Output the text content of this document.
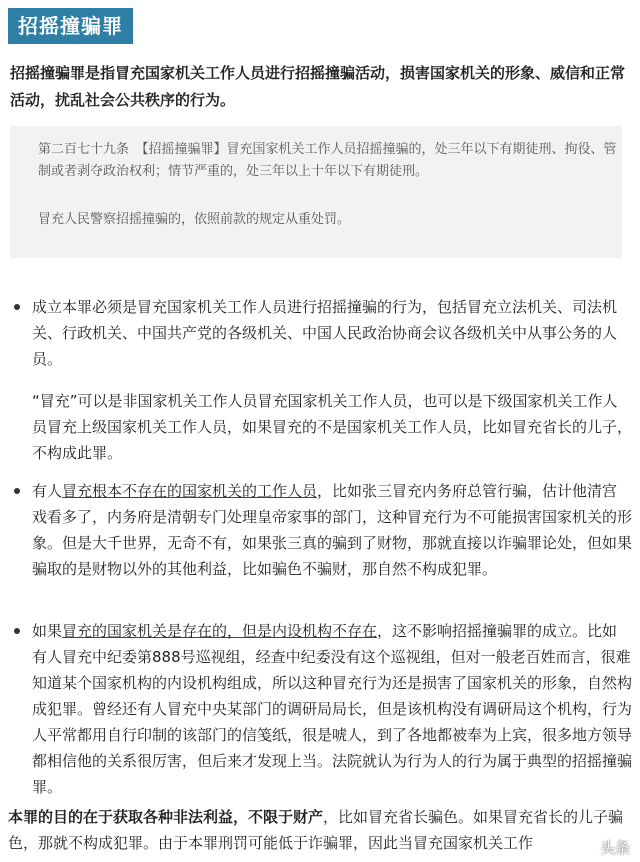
招摇撞骗罪
招摇撞骗罪是指冒充国家机关工作人员进行招摇撞骗活动，损害国家机关的形象、威信和正常活动，扰乱社会公共秩序的行为。

第二百七十九条　【招摇撞骗罪】冒充国家机关工作人员招摇撞骗的，处三年以下有期徒刑、拘役、管制或者剥夺政治权利；情节严重的，处三年以上十年以下有期徒刑。

冒充人民警察招摇撞骗的，依照前款的规定从重处罚。

成立本罪必须是冒充国家机关工作人员进行招摇撞骗的行为，包括冒充立法机关、司法机关、行政机关、中国共产党的各级机关、中国人民政治协商会议各级机关中从事公务的人员。
“冒充”可以是非国家机关工作人员冒充国家机关工作人员，也可以是下级国家机关工作人员冒充上级国家机关工作人员，如果冒充的不是国家机关工作人员，比如冒充省长的儿子，不构成此罪。
有人冒充根本不存在的国家机关的工作人员，比如张三冒充内务府总管行骗，估计他清宫戏看多了，内务府是清朝专门处理皇帝家事的部门，这种冒充行为不可能损害国家机关的形象。但是大千世界，无奇不有，如果张三真的骗到了财物，那就直接以诈骗罪论处，但如果骗取的是财物以外的其他利益，比如骗色不骗财，那自然不构成犯罪。
如果冒充的国家机关是存在的，但是内设机构不存在，这不影响招摇撞骗罪的成立。比如有人冒充中纪委第888号巡视组，经查中纪委没有这个巡视组，但对一般老百姓而言，很难知道某个国家机构的内设机构组成，所以这种冒充行为还是损害了国家机关的形象，自然构成犯罪。曾经还有人冒充中央某部门的调研局局长，但是该机构没有调研局这个机构，行为人平常都用自行印制的该部门的信笺纸，很是唬人，到了各地都被奉为上宾，很多地方领导都相信他的关系很厉害，但后来才发现上当。法院就认为行为人的行为属于典型的招摇撞骗罪。
本罪的目的在于获取各种非法利益，不限于财产，比如冒充省长骗色。如果冒充省长的儿子骗色，那就不构成犯罪。由于本罪刑罚可能低于诈骗罪，因此当冒充国家机关工作	头条
